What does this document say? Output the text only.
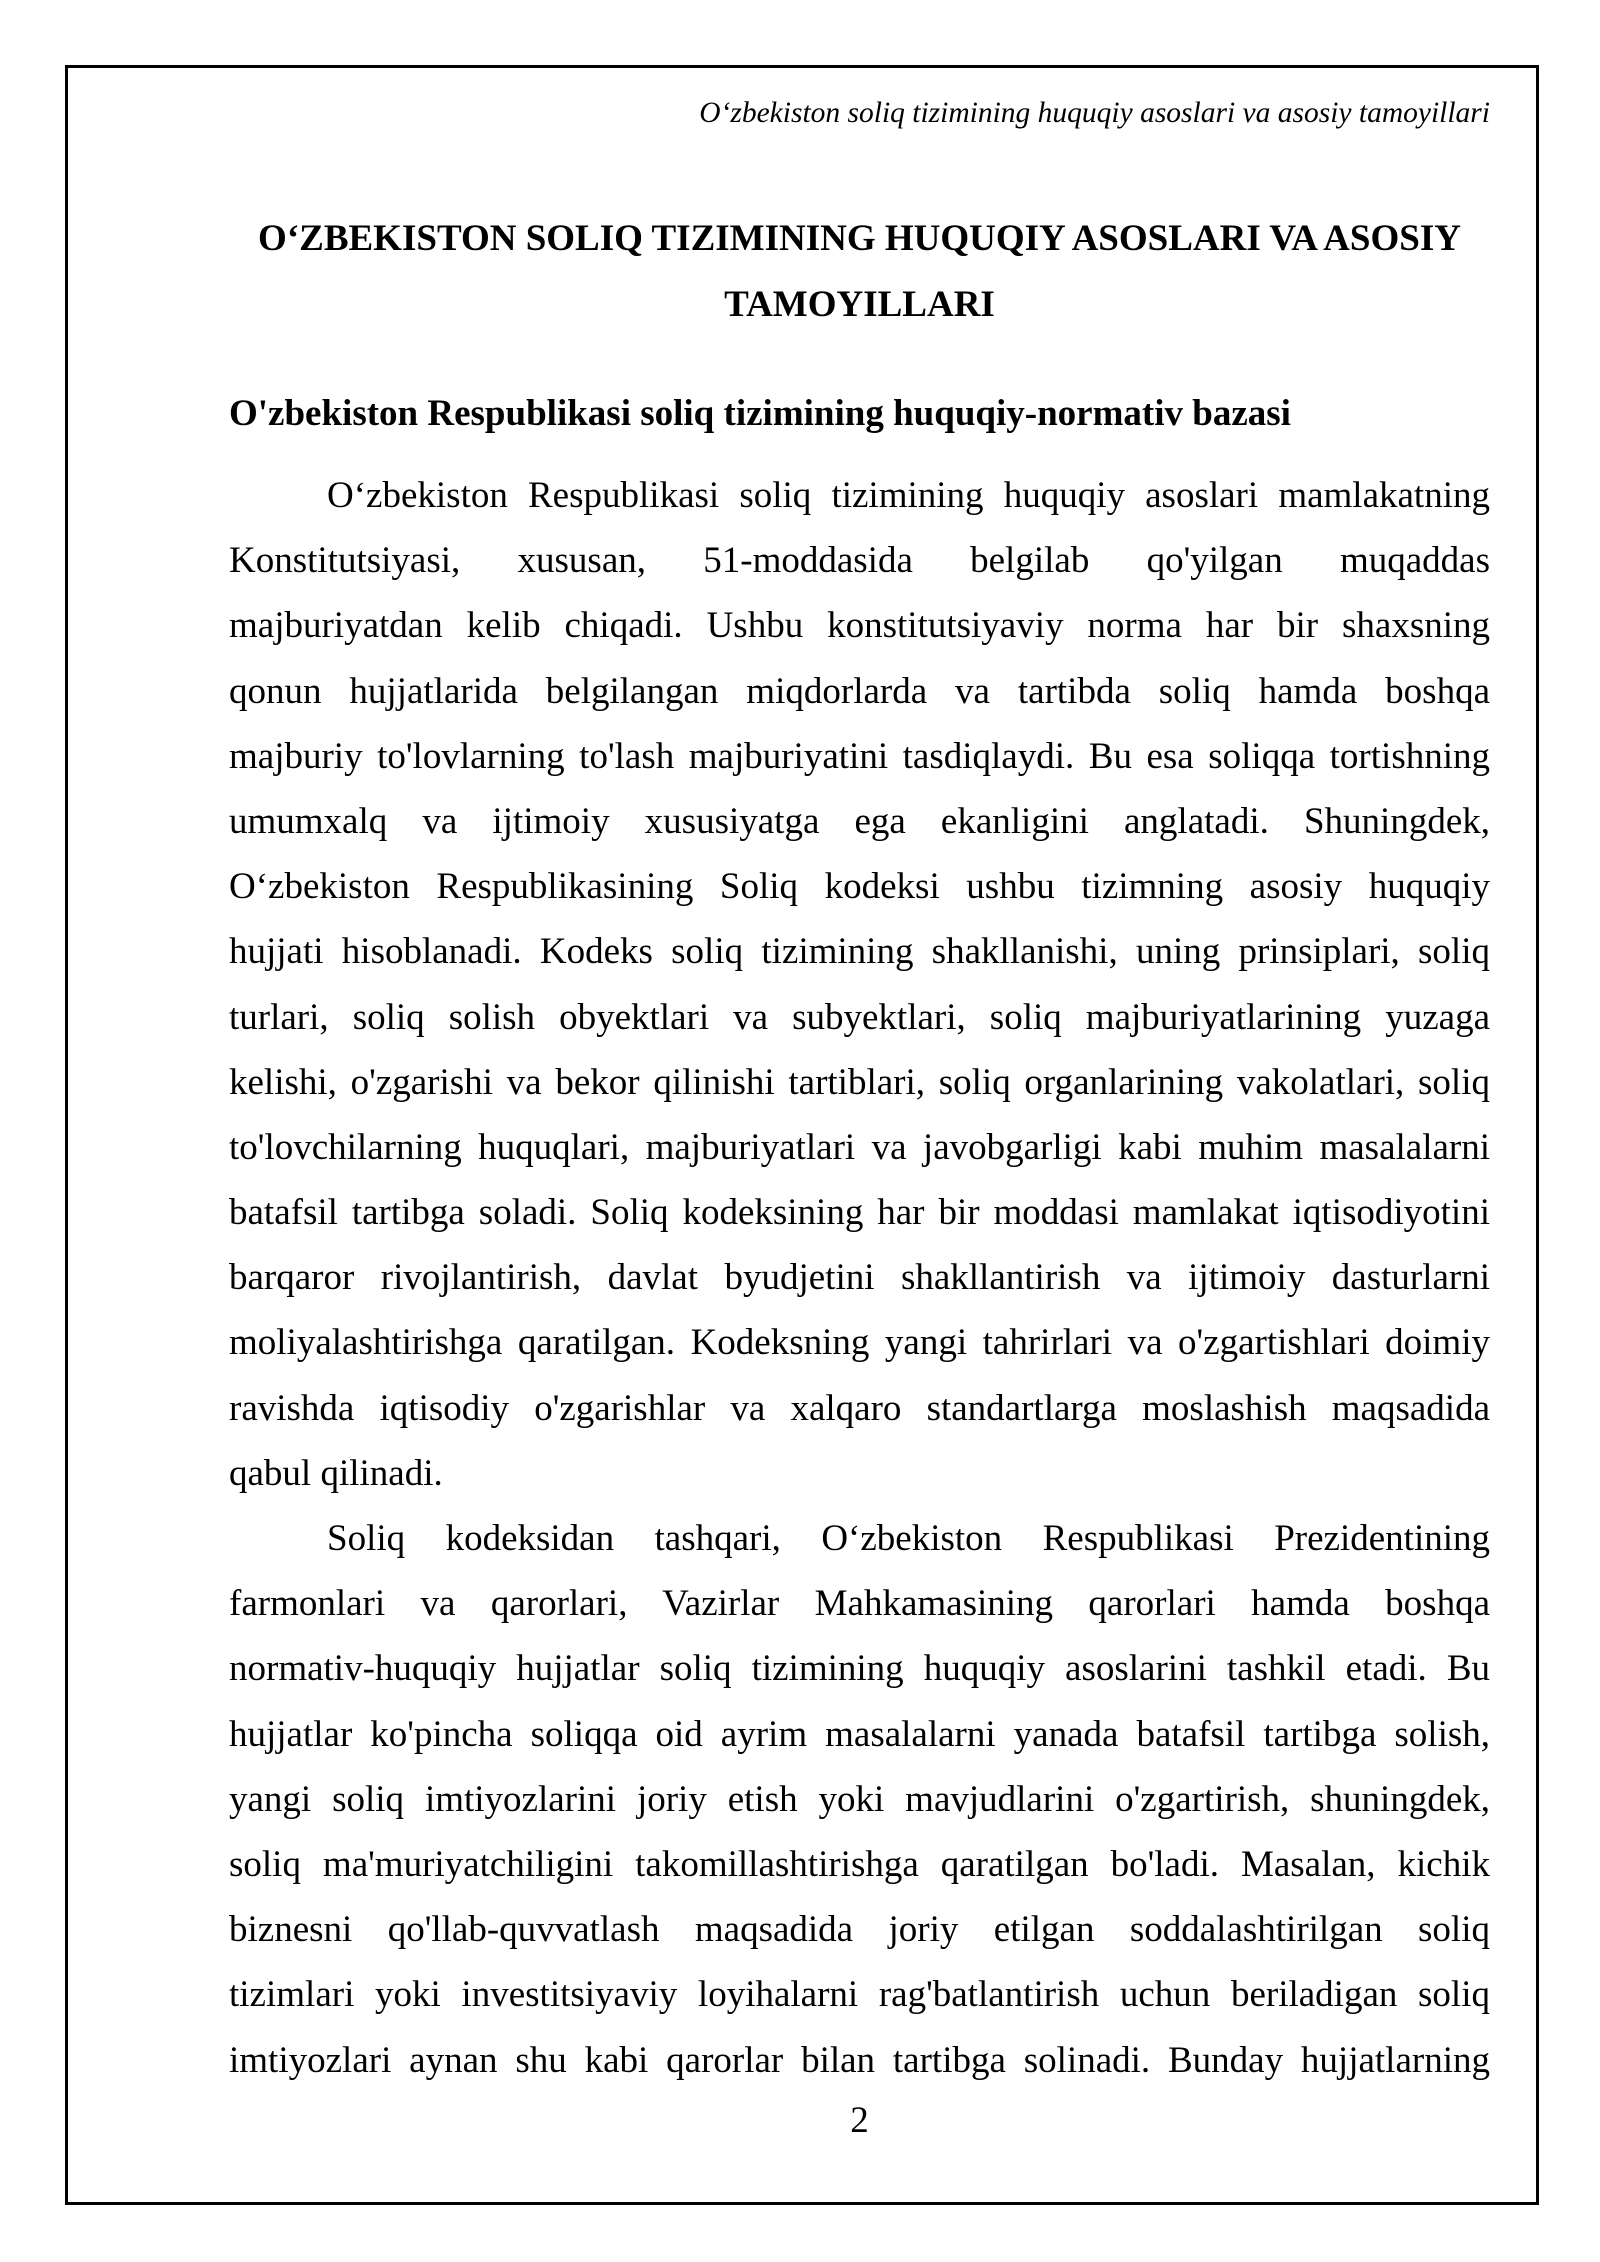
O‘zbekiston soliq tizimining huquqiy asoslari va asosiy tamoyillari
O‘ZBEKISTON SOLIQ TIZIMINING HUQUQIY ASOSLARI VA ASOSIY
TAMOYILLARI
O'zbekiston Respublikasi soliq tizimining huquqiy-normativ bazasi
O‘zbekiston Respublikasi soliq tizimining huquqiy asoslari mamlakatning
Konstitutsiyasi, xususan, 51-moddasida belgilab qo'yilgan muqaddas
majburiyatdan kelib chiqadi. Ushbu konstitutsiyaviy norma har bir shaxsning
qonun hujjatlarida belgilangan miqdorlarda va tartibda soliq hamda boshqa
majburiy to'lovlarning to'lash majburiyatini tasdiqlaydi. Bu esa soliqqa tortishning
umumxalq va ijtimoiy xususiyatga ega ekanligini anglatadi. Shuningdek,
O‘zbekiston Respublikasining Soliq kodeksi ushbu tizimning asosiy huquqiy
hujjati hisoblanadi. Kodeks soliq tizimining shakllanishi, uning prinsiplari, soliq
turlari, soliq solish obyektlari va subyektlari, soliq majburiyatlarining yuzaga
kelishi, o'zgarishi va bekor qilinishi tartiblari, soliq organlarining vakolatlari, soliq
to'lovchilarning huquqlari, majburiyatlari va javobgarligi kabi muhim masalalarni
batafsil tartibga soladi. Soliq kodeksining har bir moddasi mamlakat iqtisodiyotini
barqaror rivojlantirish, davlat byudjetini shakllantirish va ijtimoiy dasturlarni
moliyalashtirishga qaratilgan. Kodeksning yangi tahrirlari va o'zgartishlari doimiy
ravishda iqtisodiy o'zgarishlar va xalqaro standartlarga moslashish maqsadida
qabul qilinadi.
Soliq kodeksidan tashqari, O‘zbekiston Respublikasi Prezidentining
farmonlari va qarorlari, Vazirlar Mahkamasining qarorlari hamda boshqa
normativ-huquqiy hujjatlar soliq tizimining huquqiy asoslarini tashkil etadi. Bu
hujjatlar ko'pincha soliqqa oid ayrim masalalarni yanada batafsil tartibga solish,
yangi soliq imtiyozlarini joriy etish yoki mavjudlarini o'zgartirish, shuningdek,
soliq ma'muriyatchiligini takomillashtirishga qaratilgan bo'ladi. Masalan, kichik
biznesni qo'llab-quvvatlash maqsadida joriy etilgan soddalashtirilgan soliq
tizimlari yoki investitsiyaviy loyihalarni rag'batlantirish uchun beriladigan soliq
imtiyozlari aynan shu kabi qarorlar bilan tartibga solinadi. Bunday hujjatlarning
2
